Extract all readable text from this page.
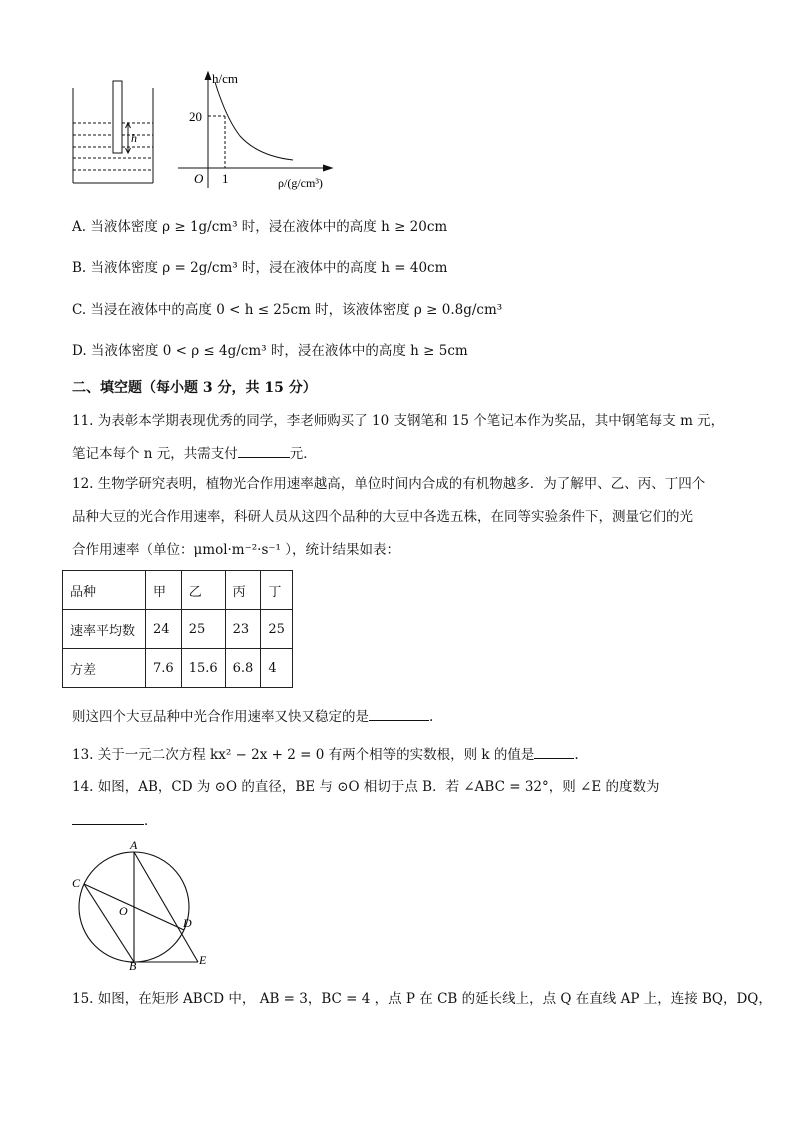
h
h/cm
20
O 1	ρ/(g/cm³)
A. 当液体密度 ρ ≥ 1g/cm³ 时，浸在液体中的高度 h ≥ 20cm
B. 当液体密度 ρ = 2g/cm³ 时，浸在液体中的高度 h = 40cm
C. 当浸在液体中的高度 0 < h ≤ 25cm 时，该液体密度 ρ ≥ 0.8g/cm³
D. 当液体密度 0 < ρ ≤ 4g/cm³ 时，浸在液体中的高度 h ≥ 5cm
二、填空题（每小题 3 分，共 15 分）
11. 为表彰本学期表现优秀的同学，李老师购买了 10 支钢笔和 15 个笔记本作为奖品，其中钢笔每支 m 元，
笔记本每个 n 元，共需支付	元．
12. 生物学研究表明，植物光合作用速率越高，单位时间内合成的有机物越多．为了解甲、乙、丙、丁四个
品种大豆的光合作用速率，科研人员从这四个品种的大豆中各选五株，在同等实验条件下，测量它们的光
合作用速率（单位：μmol·m⁻²·s⁻¹ ），统计结果如表：
品种	甲	乙	丙	丁
速率平均数	24	25	23	25
方差	7.6	15.6	6.8	4
则这四个大豆品种中光合作用速率又快又稳定的是	.
13. 关于一元二次方程 kx² − 2x + 2 = 0 有两个相等的实数根，则 k 的值是	.
14. 如图，AB，CD 为 ⊙O 的直径，BE 与 ⊙O 相切于点 B．若 ∠ABC = 32°，则 ∠E 的度数为
．
A
B
C
D
E
O
15. 如图，在矩形 ABCD 中， AB = 3，BC = 4 ，点 P 在 CB 的延长线上，点 Q 在直线 AP 上，连接 BQ，DQ，
